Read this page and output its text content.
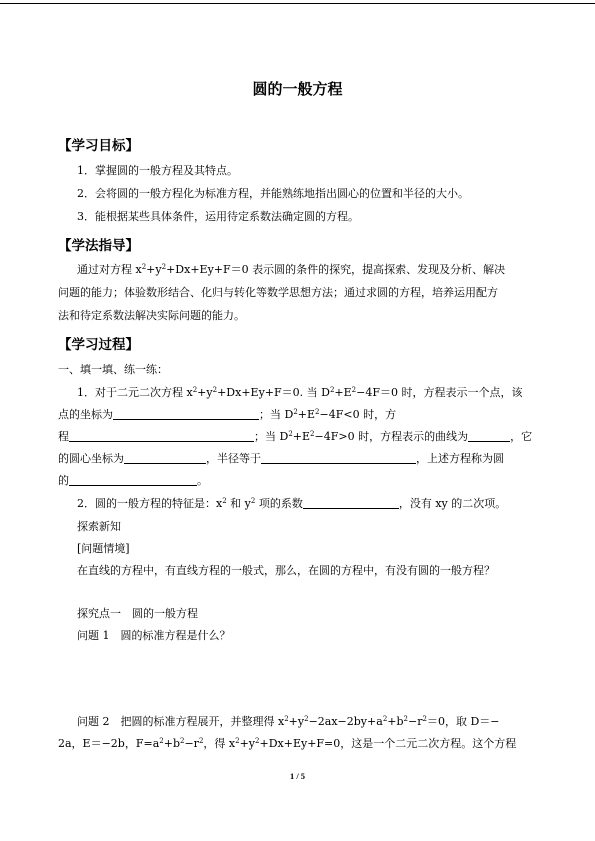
圆的一般方程
【学习目标】
1．掌握圆的一般方程及其特点。
2．会将圆的一般方程化为标准方程，并能熟练地指出圆心的位置和半径的大小。
3．能根据某些具体条件，运用待定系数法确定圆的方程。
【学法指导】
通过对方程 $x^2+y^2+Dx+Ey+F=0$ 表示圆的条件的探究，提高探索、发现及分析、解决
问题的能力；体验数形结合、化归与转化等数学思想方法；通过求圆的方程，培养运用配方
法和待定系数法解决实际问题的能力。
【学习过程】
一、填一填、练一练：
1．对于二元二次方程 $x^2+y^2+Dx+Ey+F=0$. 当 $D^2+E^2-4F=0$ 时，方程表示一个点，该
点的坐标为	；当 $D^2+E^2-4F<0$ 时，方
程	；当 $D^2+E^2-4F>0$ 时，方程表示的曲线为	，它
的圆心坐标为	，半径等于	，上述方程称为圆
的	。
2．圆的一般方程的特征是：$x^2$ 和 $y^2$ 项的系数	，没有 xy 的二次项。
探索新知
[问题情境]
在直线的方程中，有直线方程的一般式，那么，在圆的方程中，有没有圆的一般方程？
探究点一　圆的一般方程
问题 1　圆的标准方程是什么？
问题 2　把圆的标准方程展开，并整理得 $x^2+y^2-2ax-2by+a^2+b^2-r^2=0$，取 D＝−
2a，E＝−2b，$F=a^2+b^2-r^2$，得 $x^2+y^2+Dx+Ey+F=0$，这是一个二元二次方程。这个方程
1 / 5
